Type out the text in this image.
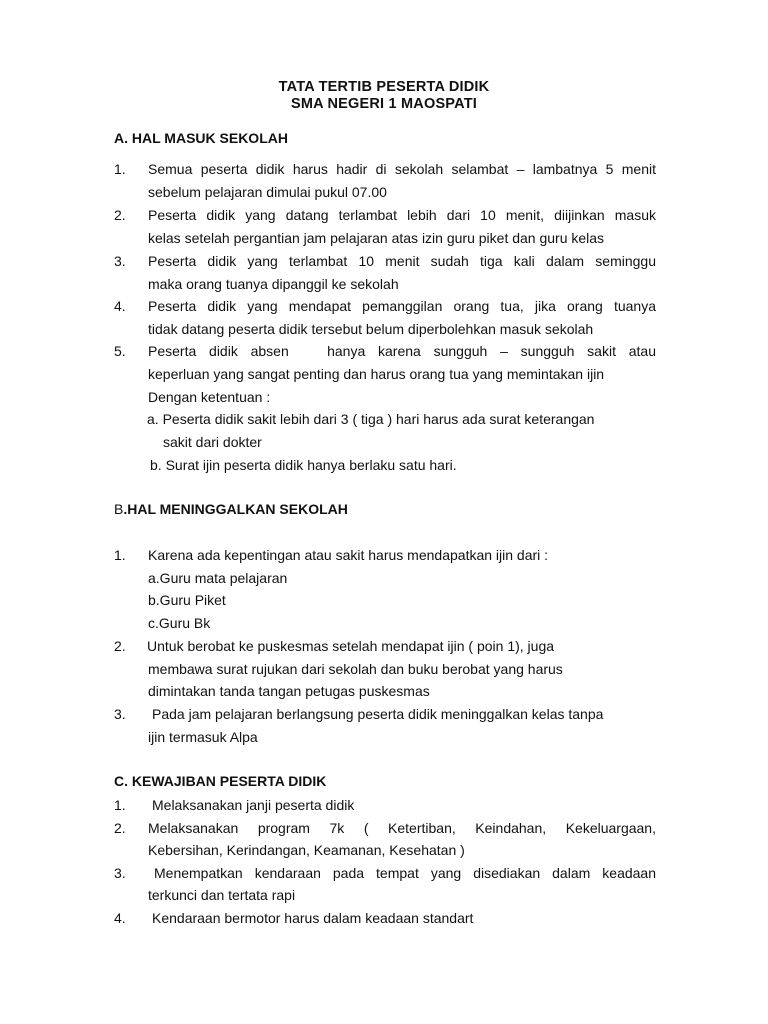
TATA TERTIB PESERTA DIDIK
SMA NEGERI 1 MAOSPATI
A. HAL MASUK SEKOLAH
1. Semua peserta didik harus hadir di sekolah selambat – lambatnya 5 menit
sebelum pelajaran dimulai pukul 07.00
2. Peserta didik yang datang terlambat lebih dari 10 menit, diijinkan masuk
kelas setelah pergantian jam pelajaran atas izin guru piket dan guru kelas
3. Peserta didik yang terlambat 10 menit sudah tiga kali dalam seminggu
maka orang tuanya dipanggil ke sekolah
4. Peserta didik yang mendapat pemanggilan orang tua, jika orang tuanya
tidak datang peserta didik tersebut belum diperbolehkan masuk sekolah
5. Peserta didik absen   hanya karena sungguh – sungguh sakit atau
keperluan yang sangat penting dan harus orang tua yang memintakan ijin
Dengan ketentuan :
a. Peserta didik sakit lebih dari 3 ( tiga ) hari harus ada surat keterangan
sakit dari dokter
b. Surat ijin peserta didik hanya berlaku satu hari.
B.HAL MENINGGALKAN SEKOLAH
1. Karena ada kepentingan atau sakit harus mendapatkan ijin dari :
a.Guru mata pelajaran
b.Guru Piket
c.Guru Bk
2. Untuk berobat ke puskesmas setelah mendapat ijin ( poin 1), juga
membawa surat rujukan dari sekolah dan buku berobat yang harus
dimintakan tanda tangan petugas puskesmas
3. Pada jam pelajaran berlangsung peserta didik meninggalkan kelas tanpa
ijin termasuk Alpa
C. KEWAJIBAN PESERTA DIDIK
1. Melaksanakan janji peserta didik
2. Melaksanakan program 7k ( Ketertiban, Keindahan, Kekeluargaan,
Kebersihan, Kerindangan, Keamanan, Kesehatan )
3. Menempatkan kendaraan pada tempat yang disediakan dalam keadaan
terkunci dan tertata rapi
4. Kendaraan bermotor harus dalam keadaan standart
